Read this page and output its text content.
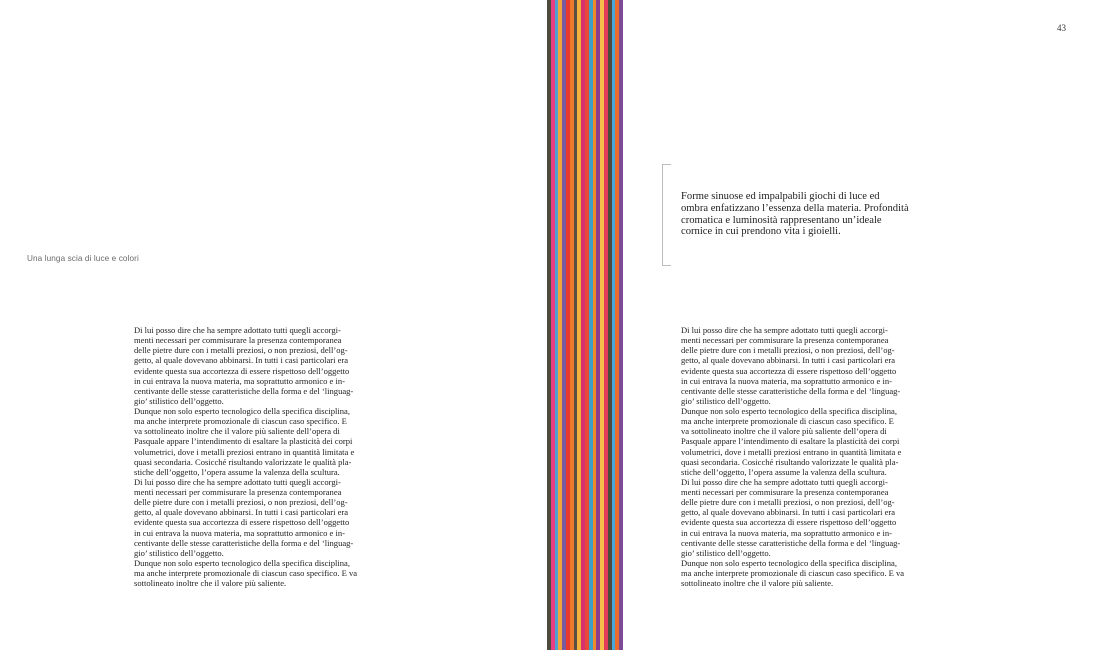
Una lunga scia di luce e colori
Di lui posso dire che ha sempre adottato tutti quegli accorgi-
menti necessari per commisurare la presenza contemporanea
delle pietre dure con i metalli preziosi, o non preziosi, dell’og-
getto, al quale dovevano abbinarsi. In tutti i casi particolari era
evidente questa sua accortezza di essere rispettoso dell’oggetto
in cui entrava la nuova materia, ma soprattutto armonico e in-
centivante delle stesse caratteristiche della forma e del ‘linguag-
gio’ stilistico dell’oggetto.
Dunque non solo esperto tecnologico della specifica disciplina,
ma anche interprete promozionale di ciascun caso specifico. E
va sottolineato inoltre che il valore più saliente dell’opera di
Pasquale appare l’intendimento di esaltare la plasticità dei corpi
volumetrici, dove i metalli preziosi entrano in quantità limitata e
quasi secondaria. Cosicché risultando valorizzate le qualità pla-
stiche dell’oggetto, l’opera assume la valenza della scultura.
Di lui posso dire che ha sempre adottato tutti quegli accorgi-
menti necessari per commisurare la presenza contemporanea
delle pietre dure con i metalli preziosi, o non preziosi, dell’og-
getto, al quale dovevano abbinarsi. In tutti i casi particolari era
evidente questa sua accortezza di essere rispettoso dell’oggetto
in cui entrava la nuova materia, ma soprattutto armonico e in-
centivante delle stesse caratteristiche della forma e del ‘linguag-
gio’ stilistico dell’oggetto.
Dunque non solo esperto tecnologico della specifica disciplina,
ma anche interprete promozionale di ciascun caso specifico. E va
sottolineato inoltre che il valore più saliente.
43
Forme sinuose ed impalpabili giochi di luce ed
ombra enfatizzano l’essenza della materia. Profondità
cromatica e luminosità rappresentano un’ideale
cornice in cui prendono vita i gioielli.
Di lui posso dire che ha sempre adottato tutti quegli accorgi-
menti necessari per commisurare la presenza contemporanea
delle pietre dure con i metalli preziosi, o non preziosi, dell’og-
getto, al quale dovevano abbinarsi. In tutti i casi particolari era
evidente questa sua accortezza di essere rispettoso dell’oggetto
in cui entrava la nuova materia, ma soprattutto armonico e in-
centivante delle stesse caratteristiche della forma e del ‘linguag-
gio’ stilistico dell’oggetto.
Dunque non solo esperto tecnologico della specifica disciplina,
ma anche interprete promozionale di ciascun caso specifico. E
va sottolineato inoltre che il valore più saliente dell’opera di
Pasquale appare l’intendimento di esaltare la plasticità dei corpi
volumetrici, dove i metalli preziosi entrano in quantità limitata e
quasi secondaria. Cosicché risultando valorizzate le qualità pla-
stiche dell’oggetto, l’opera assume la valenza della scultura.
Di lui posso dire che ha sempre adottato tutti quegli accorgi-
menti necessari per commisurare la presenza contemporanea
delle pietre dure con i metalli preziosi, o non preziosi, dell’og-
getto, al quale dovevano abbinarsi. In tutti i casi particolari era
evidente questa sua accortezza di essere rispettoso dell’oggetto
in cui entrava la nuova materia, ma soprattutto armonico e in-
centivante delle stesse caratteristiche della forma e del ‘linguag-
gio’ stilistico dell’oggetto.
Dunque non solo esperto tecnologico della specifica disciplina,
ma anche interprete promozionale di ciascun caso specifico. E va
sottolineato inoltre che il valore più saliente.
